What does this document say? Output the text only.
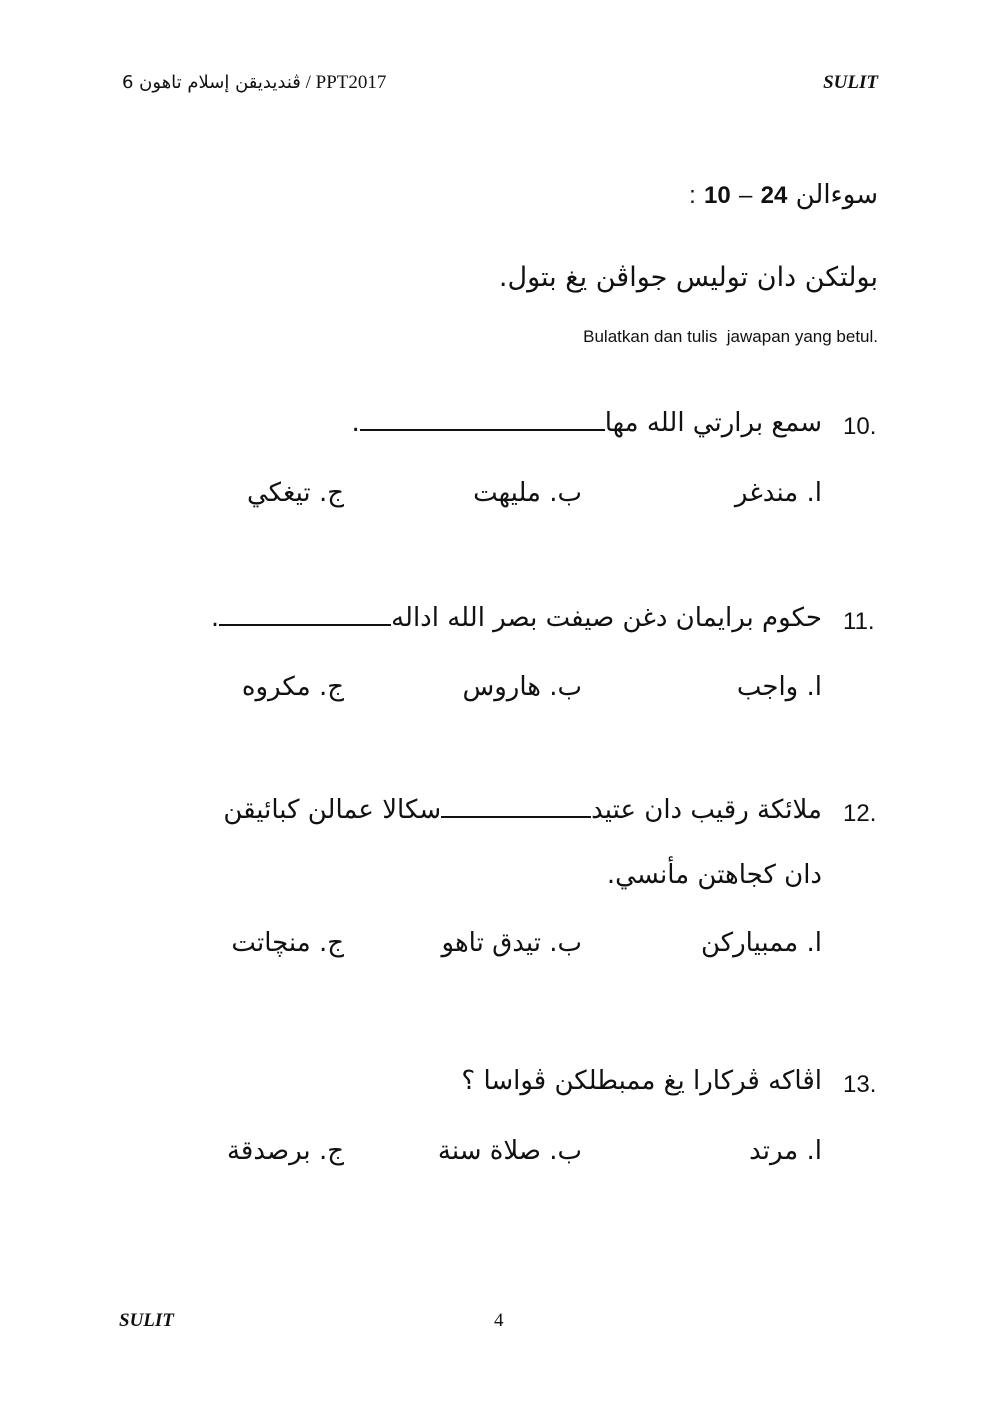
ڤنديديقن إسلام تاهون 6 / PPT2017	SULIT
: 10 – 24 سوءالن
بولتكن دان توليس جواڤن يغ بتول.
Bulatkan dan tulis  jawapan yang betul.
10.
سمع برارتي الله مها.
ا. مندغر
ب. مليهت
ج. تيغكي
11.
حكوم برايمان دغن صيفت بصر الله اداله.
ا. واجب
ب. هاروس
ج. مكروه
12.
ملائكة رقيب دان عتيدسكالا عمالن كبائيقن
دان كجاهتن مأنسي.
ا. ممبياركن
ب. تيدق تاهو
ج. منچاتت
13.
اڤاكه ڤركارا يغ ممبطلكن ڤواسا ؟
ا. مرتد
ب. صلاة سنة
ج. برصدقة
SULIT	4
